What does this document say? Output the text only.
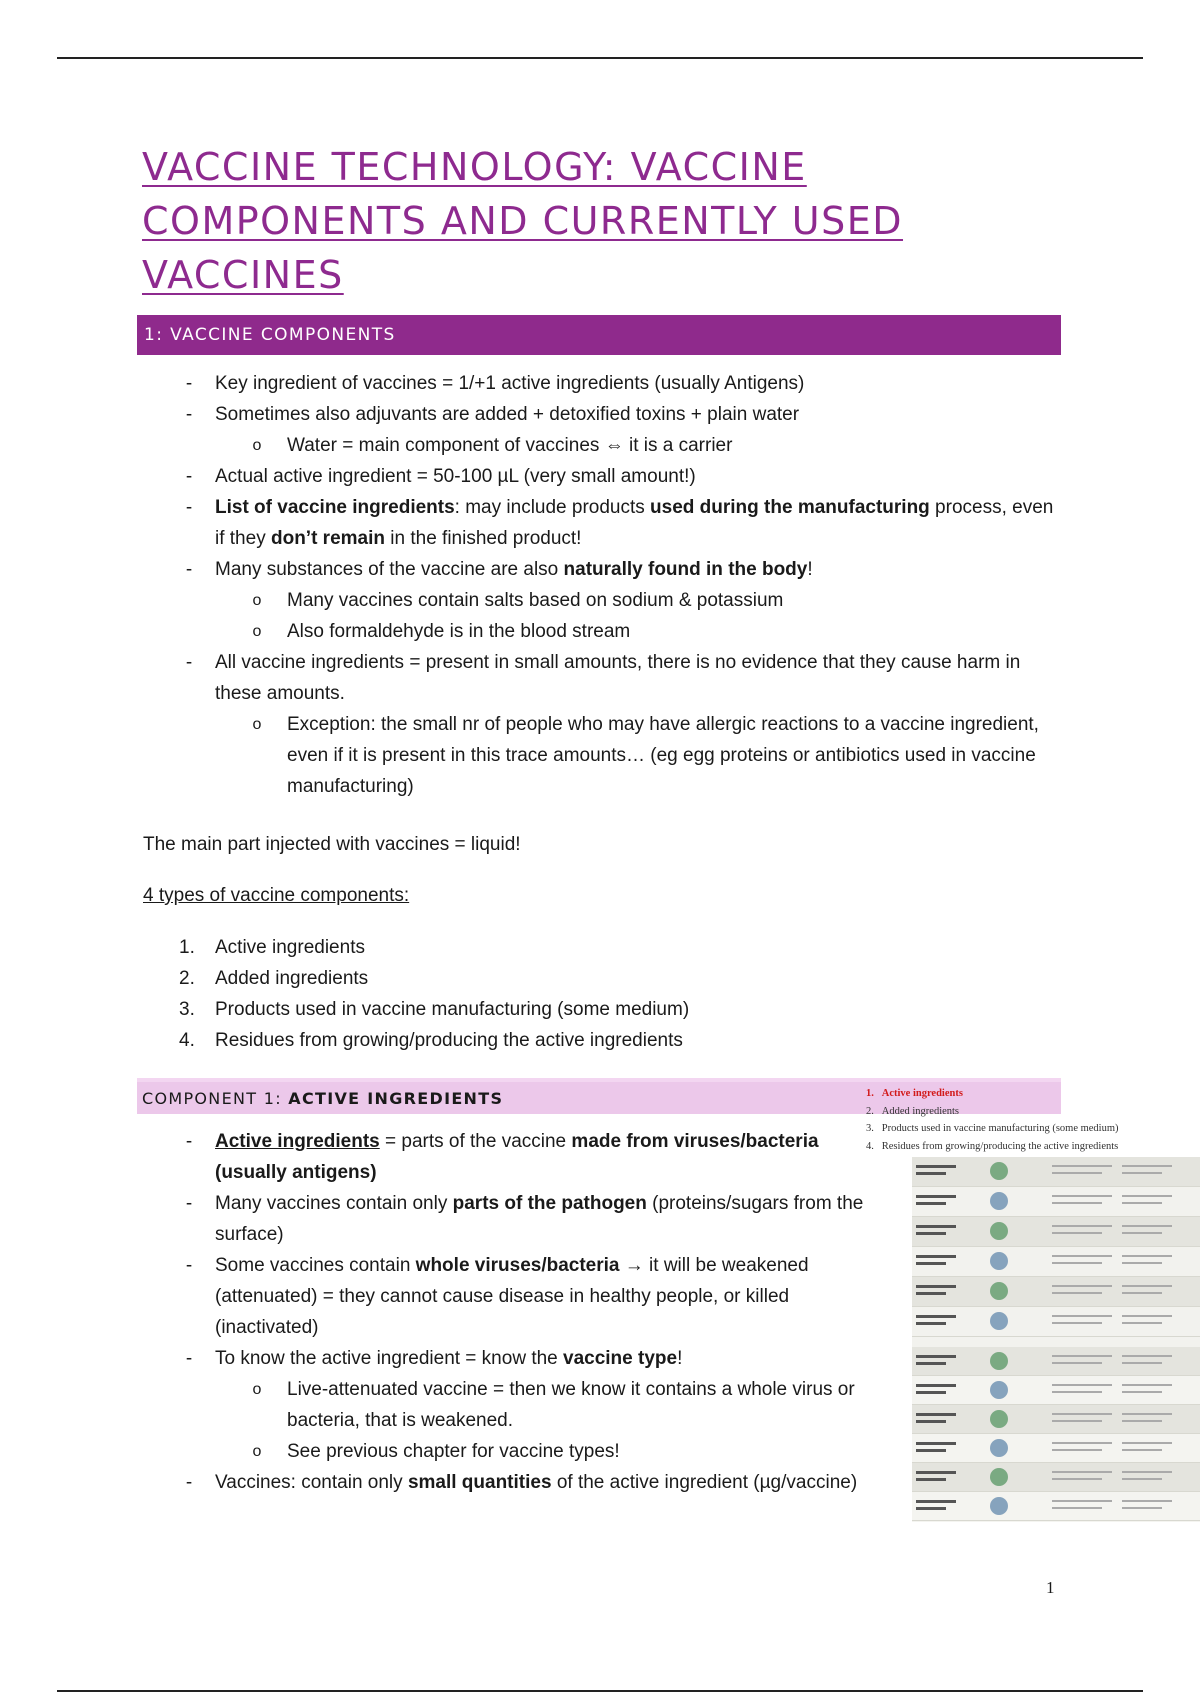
VACCINE TECHNOLOGY: VACCINE COMPONENTS AND CURRENTLY USED VACCINES
1: VACCINE COMPONENTS
-	Key ingredient of vaccines = 1/+1 active ingredients (usually Antigens)
-	Sometimes also adjuvants are added + detoxified toxins + plain water
o Water = main component of vaccines ⇔ it is a carrier
-	Actual active ingredient = 50-100 µL (very small amount!)
-	List of vaccine ingredients: may include products used during the manufacturing process, even if they don’t remain in the finished product!
-	Many substances of the vaccine are also naturally found in the body!
o Many vaccines contain salts based on sodium & potassium
o Also formaldehyde is in the blood stream
-	All vaccine ingredients = present in small amounts, there is no evidence that they cause harm in these amounts.
o Exception: the small nr of people who may have allergic reactions to a vaccine ingredient, even if it is present in this trace amounts… (eg egg proteins or antibiotics used in vaccine manufacturing)

The main part injected with vaccines = liquid!

4 types of vaccine components:

1. Active ingredients
2. Added ingredients
3. Products used in vaccine manufacturing (some medium)
4. Residues from growing/producing the active ingredients
COMPONENT 1:
ACTIVE INGREDIENTS
-	Active ingredients = parts of the vaccine made from viruses/bacteria (usually antigens)
-	Many vaccines contain only parts of the pathogen (proteins/sugars from the surface)
-	Some vaccines contain whole viruses/bacteria → it will be weakened (attenuated) = they cannot cause disease in healthy people, or killed (inactivated)
-	To know the active ingredient = know the vaccine type!
o Live-attenuated vaccine = then we know it contains a whole virus or bacteria, that is weakened.
o See previous chapter for vaccine types!
-	Vaccines: contain only small quantities of the active ingredient (µg/vaccine)
1.   Active ingredients
2.   Added ingredients
3.   Products used in vaccine manufacturing (some medium)
4.   Residues from growing/producing the active ingredients
1
